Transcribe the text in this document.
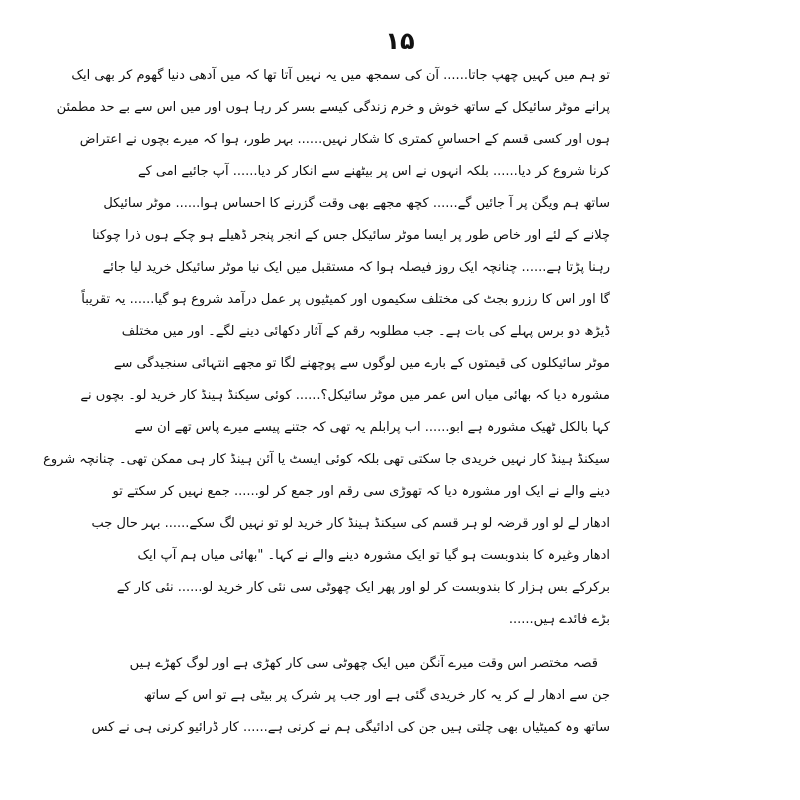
۱۵
تو ہم میں کہیں چھپ جاتا...... آن کی سمجھ میں یہ نہیں آتا تھا کہ میں آدھی دنیا گھوم کر بھی ایک
پرانے موٹر سائیکل کے ساتھ خوش و خرم زندگی کیسے بسر کر رہا ہوں اور میں اس سے بے حد مطمئن
ہوں اور کسی قسم کے احساسِ کمتری کا شکار نہیں...... بہر طور، ہوا کہ میرے بچوں نے اعتراض
کرنا شروع کر دیا...... بلکہ انہوں نے اس پر بیٹھنے سے انکار کر دیا...... آپ جائیے امی کے
ساتھ ہم ویگن پر آ جائیں گے...... کچھ مجھے بھی وقت گزرنے کا احساس ہوا...... موٹر سائیکل
چلانے کے لئے اور خاص طور پر ایسا موٹر سائیکل جس کے انجر پنجر ڈھیلے ہو چکے ہوں ذرا چوکنا
رہنا پڑتا ہے...... چنانچہ ایک روز فیصلہ ہوا کہ مستقبل میں ایک نیا موٹر سائیکل خرید لیا جائے
گا اور اس کا رزرو بجٹ کی مختلف سکیموں اور کمیٹیوں پر عمل درآمد شروع ہو گیا...... یہ تقریباً
ڈیڑھ دو برس پہلے کی بات ہے۔ جب مطلوبہ رقم کے آثار دکھائی دینے لگے۔ اور میں مختلف
موٹر سائیکلوں کی قیمتوں کے بارے میں لوگوں سے پوچھنے لگا تو مجھے انتہائی سنجیدگی سے
مشورہ دیا کہ بھائی میاں اس عمر میں موٹر سائیکل؟...... کوئی سیکنڈ ہینڈ کار خرید لو۔ بچوں نے
کہا بالکل ٹھیک مشورہ ہے ابو...... اب پرابلم یہ تھی کہ جتنے پیسے میرے پاس تھے ان سے
سیکنڈ ہینڈ کار نہیں خریدی جا سکتی تھی بلکہ کوئی ایسٹ یا آئن ہینڈ کار ہی ممکن تھی۔ چنانچہ شروع
دینے والے نے ایک اور مشورہ دیا کہ تھوڑی سی رقم اور جمع کر لو...... جمع نہیں کر سکتے تو
ادھار لے لو اور قرضہ لو ہر قسم کی سیکنڈ ہینڈ کار خرید لو تو نہیں لگ سکے...... بہر حال جب
ادھار وغیرہ کا بندوبست ہو گیا تو ایک مشورہ دینے والے نے کہا۔ "بھائی میاں ہم آپ ایک
برکرکے بس ہزار کا بندوبست کر لو اور پھر ایک چھوٹی سی نئی کار خرید لو...... نئی کار کے
بڑے فائدے ہیں......
قصہ مختصر اس وقت میرے آنگن میں ایک چھوٹی سی کار کھڑی ہے اور لوگ کھڑے ہیں
جن سے ادھار لے کر یہ کار خریدی گئی ہے اور جب پر شرک پر بیٹی ہے تو اس کے ساتھ
ساتھ وہ کمیٹیاں بھی چلتی ہیں جن کی ادائیگی ہم نے کرنی ہے...... کار ڈرائیو کرنی ہی نے کس
